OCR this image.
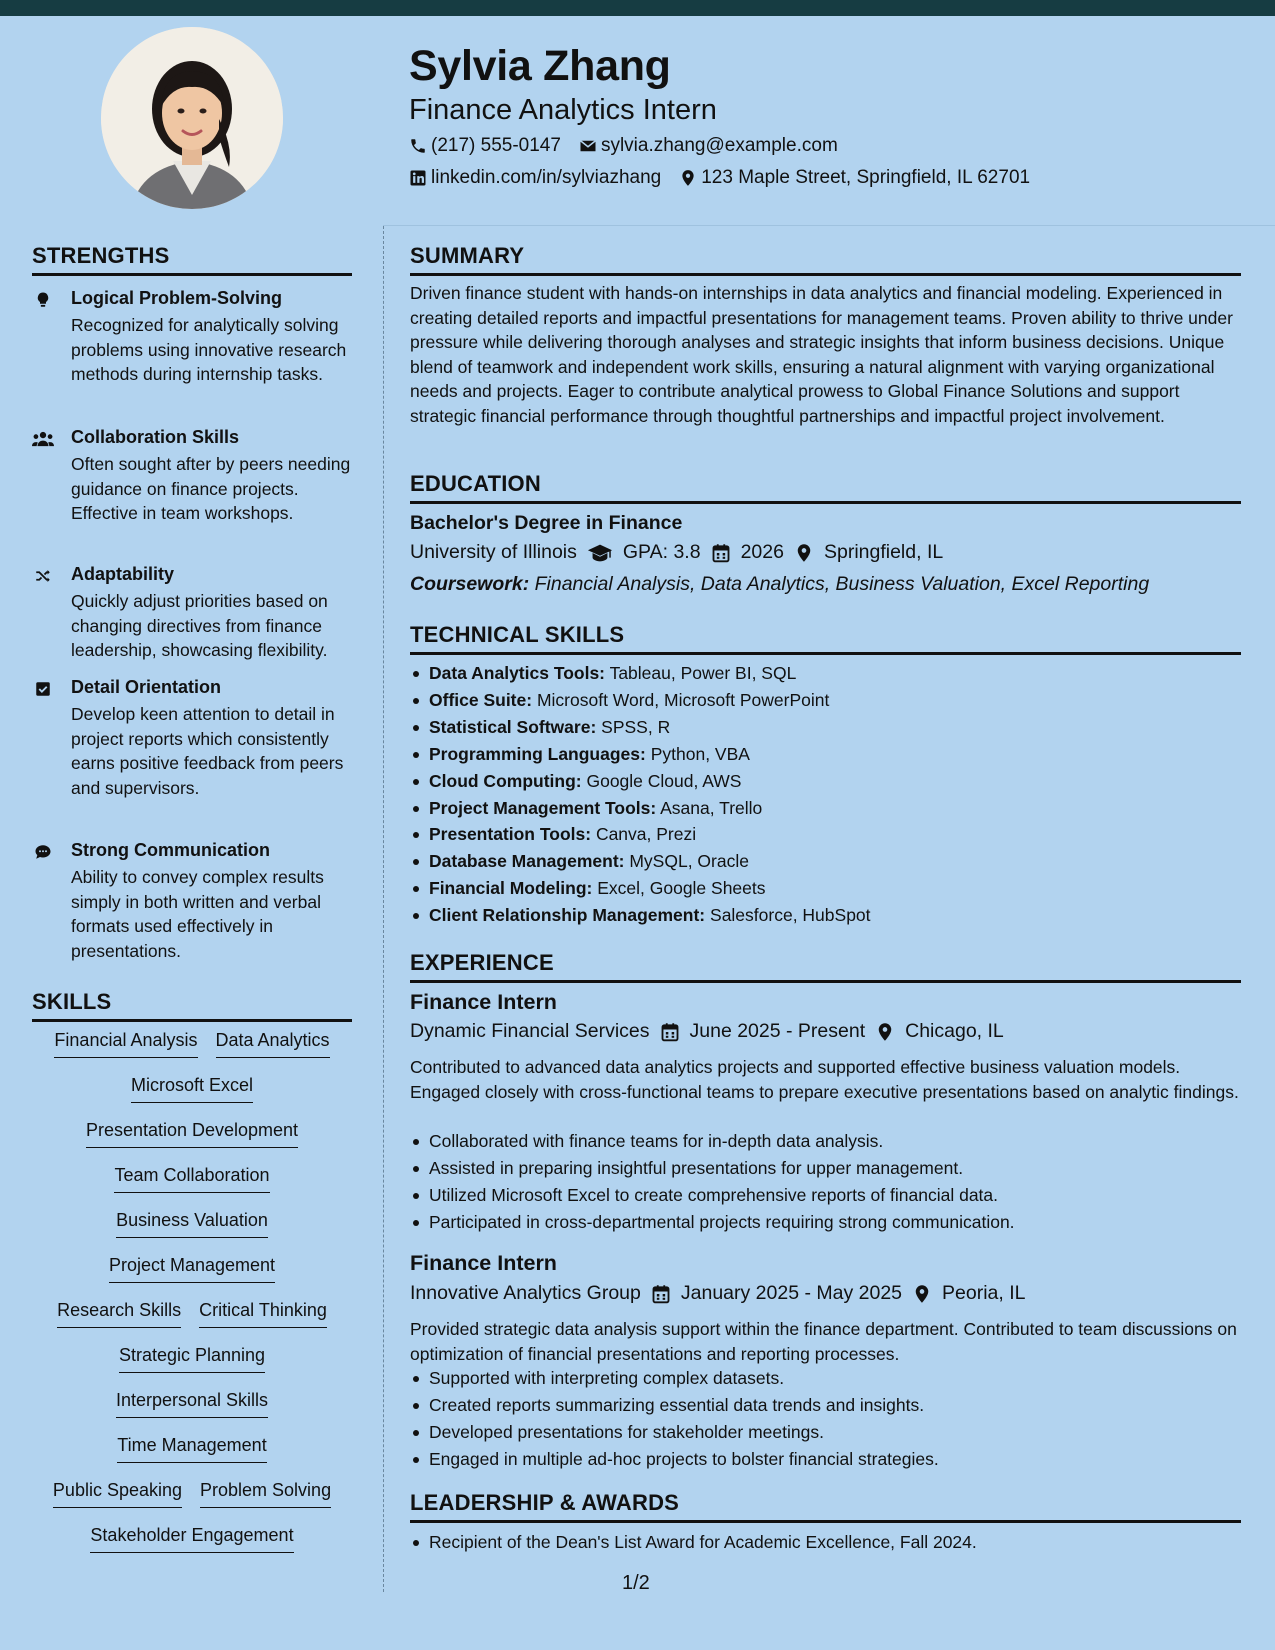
Sylvia Zhang
Finance Analytics Intern
(217) 555-0147 sylvia.zhang@example.com
linkedin.com/in/sylviazhang 123 Maple Street, Springfield, IL 62701
STRENGTHS
Logical Problem-Solving
Recognized for analytically solving problems using innovative research methods during internship tasks.
Collaboration Skills
Often sought after by peers needing guidance on finance projects. Effective in team workshops.
Adaptability
Quickly adjust priorities based on changing directives from finance leadership, showcasing flexibility.
Detail Orientation
Develop keen attention to detail in project reports which consistently earns positive feedback from peers and supervisors.
Strong Communication
Ability to convey complex results simply in both written and verbal formats used effectively in presentations.
SKILLS
Financial Analysis Data Analytics
Microsoft Excel
Presentation Development
Team Collaboration
Business Valuation
Project Management
Research Skills Critical Thinking
Strategic Planning
Interpersonal Skills
Time Management
Public Speaking Problem Solving
Stakeholder Engagement
SUMMARY
Driven finance student with hands-on internships in data analytics and financial modeling. Experienced in creating detailed reports and impactful presentations for management teams. Proven ability to thrive under pressure while delivering thorough analyses and strategic insights that inform business decisions. Unique blend of teamwork and independent work skills, ensuring a natural alignment with varying organizational needs and projects. Eager to contribute analytical prowess to Global Finance Solutions and support strategic financial performance through thoughtful partnerships and impactful project involvement.
EDUCATION
Bachelor's Degree in Finance
University of Illinois GPA: 3.8 2026 Springfield, IL
Coursework: Financial Analysis, Data Analytics, Business Valuation, Excel Reporting
TECHNICAL SKILLS
Data Analytics Tools: Tableau, Power BI, SQL
Office Suite: Microsoft Word, Microsoft PowerPoint
Statistical Software: SPSS, R
Programming Languages: Python, VBA
Cloud Computing: Google Cloud, AWS
Project Management Tools: Asana, Trello
Presentation Tools: Canva, Prezi
Database Management: MySQL, Oracle
Financial Modeling: Excel, Google Sheets
Client Relationship Management: Salesforce, HubSpot
EXPERIENCE
Finance Intern
Dynamic Financial Services June 2025 - Present Chicago, IL
Contributed to advanced data analytics projects and supported effective business valuation models. Engaged closely with cross-functional teams to prepare executive presentations based on analytic findings.
Collaborated with finance teams for in-depth data analysis.
Assisted in preparing insightful presentations for upper management.
Utilized Microsoft Excel to create comprehensive reports of financial data.
Participated in cross-departmental projects requiring strong communication.
Finance Intern
Innovative Analytics Group January 2025 - May 2025 Peoria, IL
Provided strategic data analysis support within the finance department. Contributed to team discussions on optimization of financial presentations and reporting processes.
Supported with interpreting complex datasets.
Created reports summarizing essential data trends and insights.
Developed presentations for stakeholder meetings.
Engaged in multiple ad-hoc projects to bolster financial strategies.
LEADERSHIP & AWARDS
Recipient of the Dean's List Award for Academic Excellence, Fall 2024.
1/2
